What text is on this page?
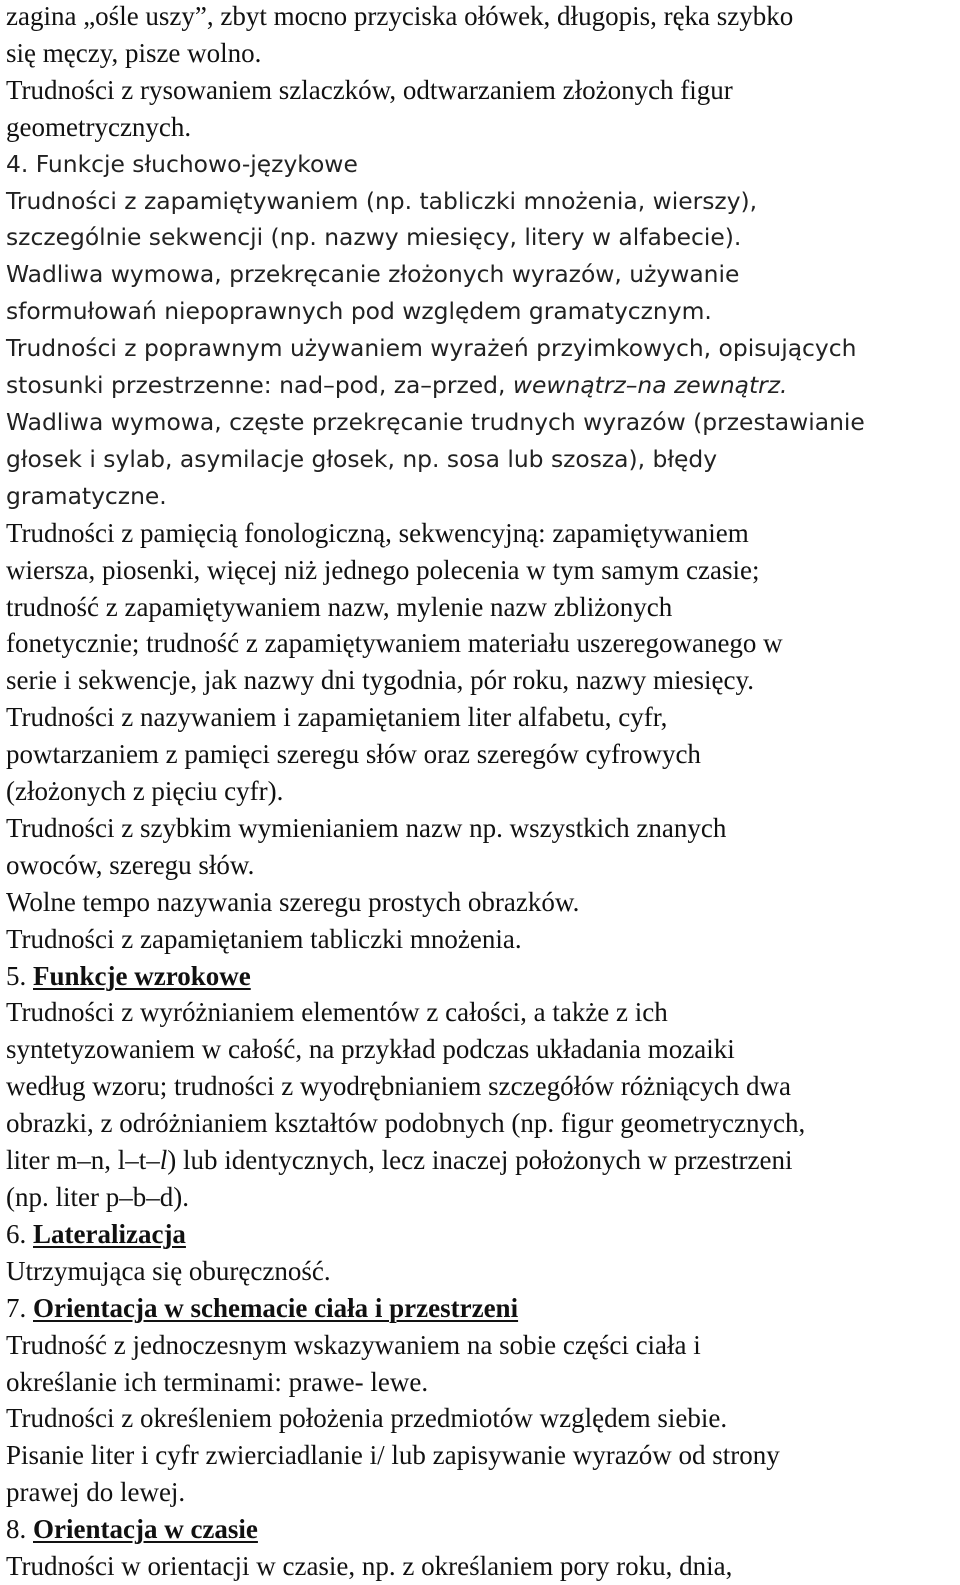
zagina „ośle uszy”, zbyt mocno przyciska ołówek, długopis, ręka szybko

się męczy, pisze wolno.

Trudności z rysowaniem szlaczków, odtwarzaniem złożonych figur

geometrycznych.

4. Funkcje słuchowo-językowe

Trudności z zapamiętywaniem (np. tabliczki mnożenia, wierszy),

szczególnie sekwencji (np. nazwy miesięcy, litery w alfabecie).

Wadliwa wymowa, przekręcanie złożonych wyrazów, używanie

sformułowań niepoprawnych pod względem gramatycznym.

Trudności z poprawnym używaniem wyrażeń przyimkowych, opisujących

stosunki przestrzenne: nad–pod, za–przed, wewnątrz–na zewnątrz.

Wadliwa wymowa, częste przekręcanie trudnych wyrazów (przestawianie

głosek i sylab, asymilacje głosek, np. sosa lub szosza), błędy

gramatyczne.

Trudności z pamięcią fonologiczną, sekwencyjną: zapamiętywaniem

wiersza, piosenki, więcej niż jednego polecenia w tym samym czasie;

trudność z zapamiętywaniem nazw, mylenie nazw zbliżonych

fonetycznie; trudność z zapamiętywaniem materiału uszeregowanego w

serie i sekwencje, jak nazwy dni tygodnia, pór roku, nazwy miesięcy.

Trudności z nazywaniem i zapamiętaniem liter alfabetu, cyfr,

powtarzaniem z pamięci szeregu słów oraz szeregów cyfrowych

(złożonych z pięciu cyfr).

Trudności z szybkim wymienianiem nazw np. wszystkich znanych

owoców, szeregu słów.

Wolne tempo nazywania szeregu prostych obrazków.

Trudności z zapamiętaniem tabliczki mnożenia.

5. Funkcje wzrokowe

Trudności z wyróżnianiem elementów z całości, a także z ich

syntetyzowaniem w całość, na przykład podczas układania mozaiki

według wzoru; trudności z wyodrębnianiem szczegółów różniących dwa

obrazki, z odróżnianiem kształtów podobnych (np. figur geometrycznych,

liter m–n, l–t–l) lub identycznych, lecz inaczej położonych w przestrzeni

(np. liter p–b–d).

6. Lateralizacja

Utrzymująca się oburęczność.

7. Orientacja w schemacie ciała i przestrzeni

Trudność z jednoczesnym wskazywaniem na sobie części ciała i

określanie ich terminami: prawe- lewe.

Trudności z określeniem położenia przedmiotów względem siebie.

Pisanie liter i cyfr zwierciadlanie i/ lub zapisywanie wyrazów od strony

prawej do lewej.

8. Orientacja w czasie

Trudności w orientacji w czasie, np. z określaniem pory roku, dnia,
